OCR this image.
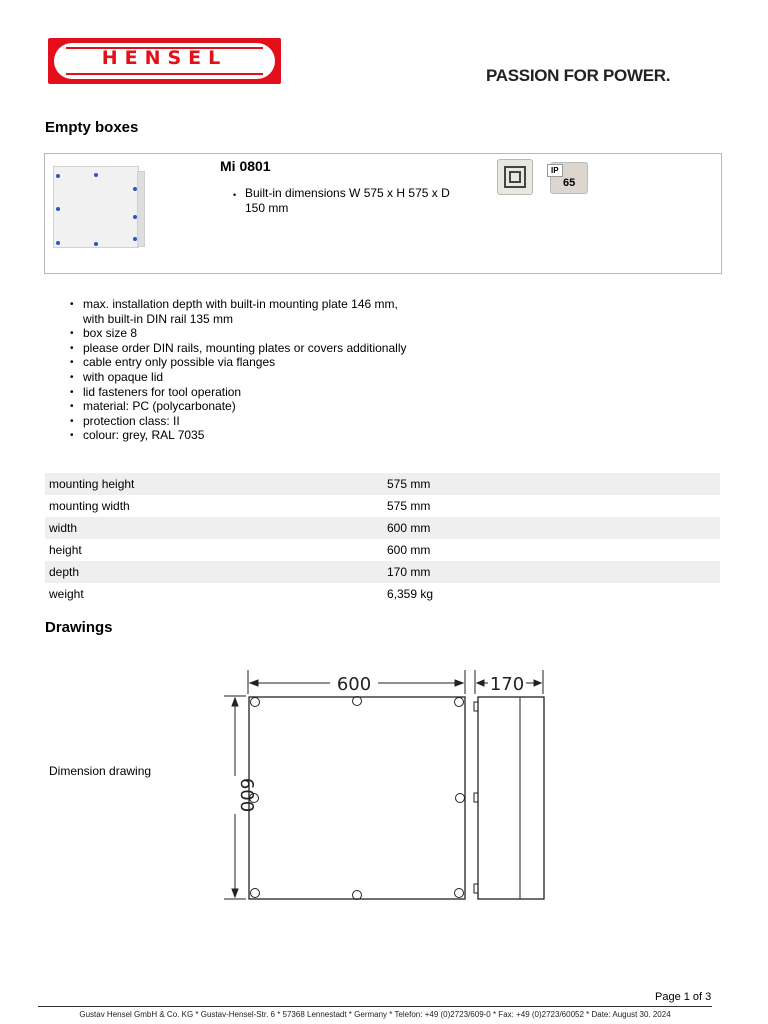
HENSEL
PASSION FOR POWER.
Empty boxes
Mi 0801
• Built-in dimensions W 575 x H 575 x D
150 mm
IP
65
• max. installation depth with built-in mounting plate 146 mm,
with built-in DIN rail 135 mm
• box size 8
• please order DIN rails, mounting plates or covers additionally
• cable entry only possible via flanges
• with opaque lid
• lid fasteners for tool operation
• material: PC (polycarbonate)
• protection class: II
• colour: grey, RAL 7035
mounting height	575 mm
mounting width	575 mm
width	600 mm
height	600 mm
depth	170 mm
weight	6,359 kg
Drawings
Dimension drawing
600	170
600
Page 1 of 3
Gustav Hensel GmbH & Co. KG * Gustav-Hensel-Str. 6 * 57368 Lennestadt * Germany * Telefon: +49 (0)2723/609-0 * Fax: +49 (0)2723/60052 * Date: August 30. 2024
